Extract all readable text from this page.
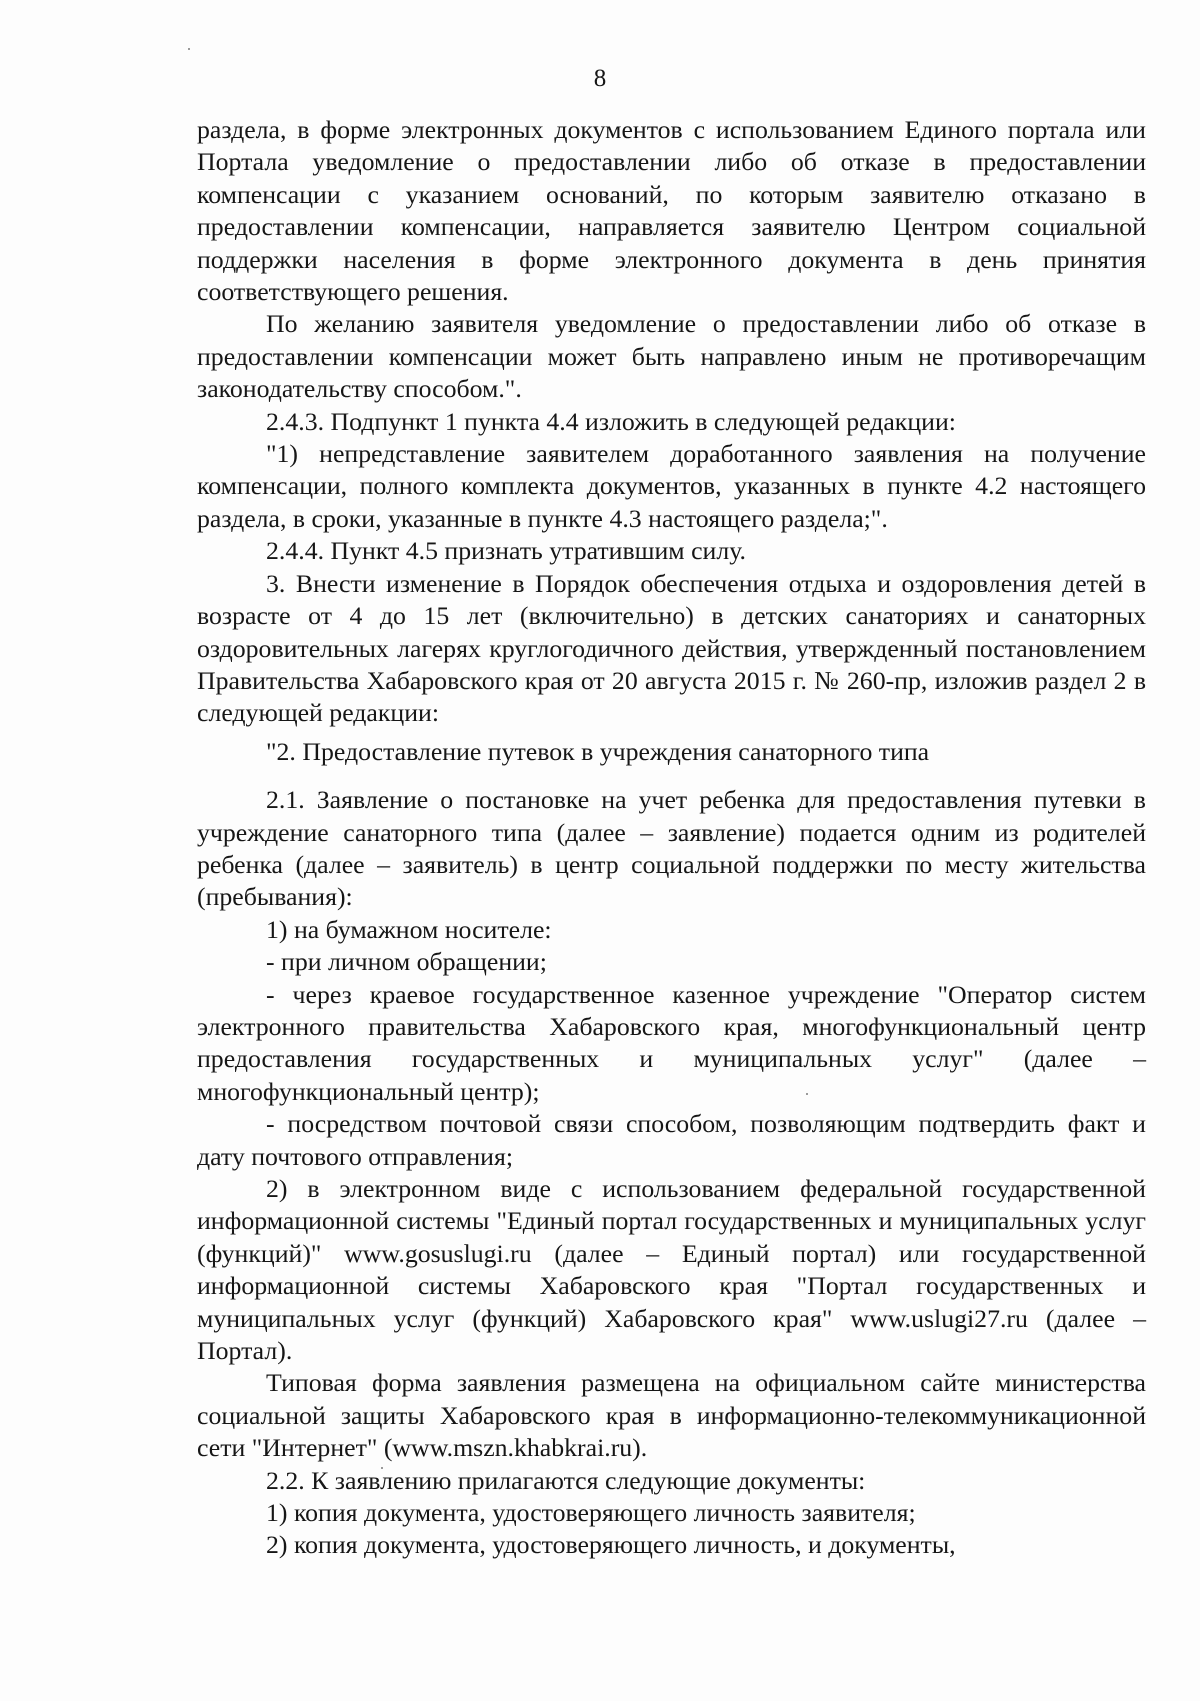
8

раздела, в форме электронных документов с использованием Единого портала или Портала уведомление о предоставлении либо об отказе в предоставлении компенсации с указанием оснований, по которым заявителю отказано в предоставлении компенсации, направляется заявителю Центром социальной поддержки населения в форме электронного документа в день принятия соответствующего решения.

По желанию заявителя уведомление о предоставлении либо об отказе в предоставлении компенсации может быть направлено иным не противоречащим законодательству способом.".

2.4.3. Подпункт 1 пункта 4.4 изложить в следующей редакции:

"1) непредставление заявителем доработанного заявления на получение компенсации, полного комплекта документов, указанных в пункте 4.2 настоящего раздела, в сроки, указанные в пункте 4.3 настоящего раздела;".

2.4.4. Пункт 4.5 признать утратившим силу.

3. Внести изменение в Порядок обеспечения отдыха и оздоровления детей в возрасте от 4 до 15 лет (включительно) в детских санаториях и санаторных оздоровительных лагерях круглогодичного действия, утвержденный постановлением Правительства Хабаровского края от 20 августа 2015 г. № 260-пр, изложив раздел 2 в следующей редакции:

"2. Предоставление путевок в учреждения санаторного типа

2.1. Заявление о постановке на учет ребенка для предоставления путевки в учреждение санаторного типа (далее – заявление) подается одним из родителей ребенка (далее – заявитель) в центр социальной поддержки по месту жительства (пребывания):

1) на бумажном носителе:

- при личном обращении;

- через краевое государственное казенное учреждение "Оператор систем электронного правительства Хабаровского края, многофункциональный центр предоставления государственных и муниципальных услуг" (далее – многофункциональный центр);

- посредством почтовой связи способом, позволяющим подтвердить факт и дату почтового отправления;

2) в электронном виде с использованием федеральной государственной информационной системы "Единый портал государственных и муниципальных услуг (функций)" www.gosuslugi.ru (далее – Единый портал) или государственной информационной системы Хабаровского края "Портал государственных и муниципальных услуг (функций) Хабаровского края" www.uslugi27.ru (далее – Портал).

Типовая форма заявления размещена на официальном сайте министерства социальной защиты Хабаровского края в информационно-телекоммуникационной сети "Интернет" (www.mszn.khabkrai.ru).

2.2. К заявлению прилагаются следующие документы:

1) копия документа, удостоверяющего личность заявителя;

2) копия документа, удостоверяющего личность, и документы,
